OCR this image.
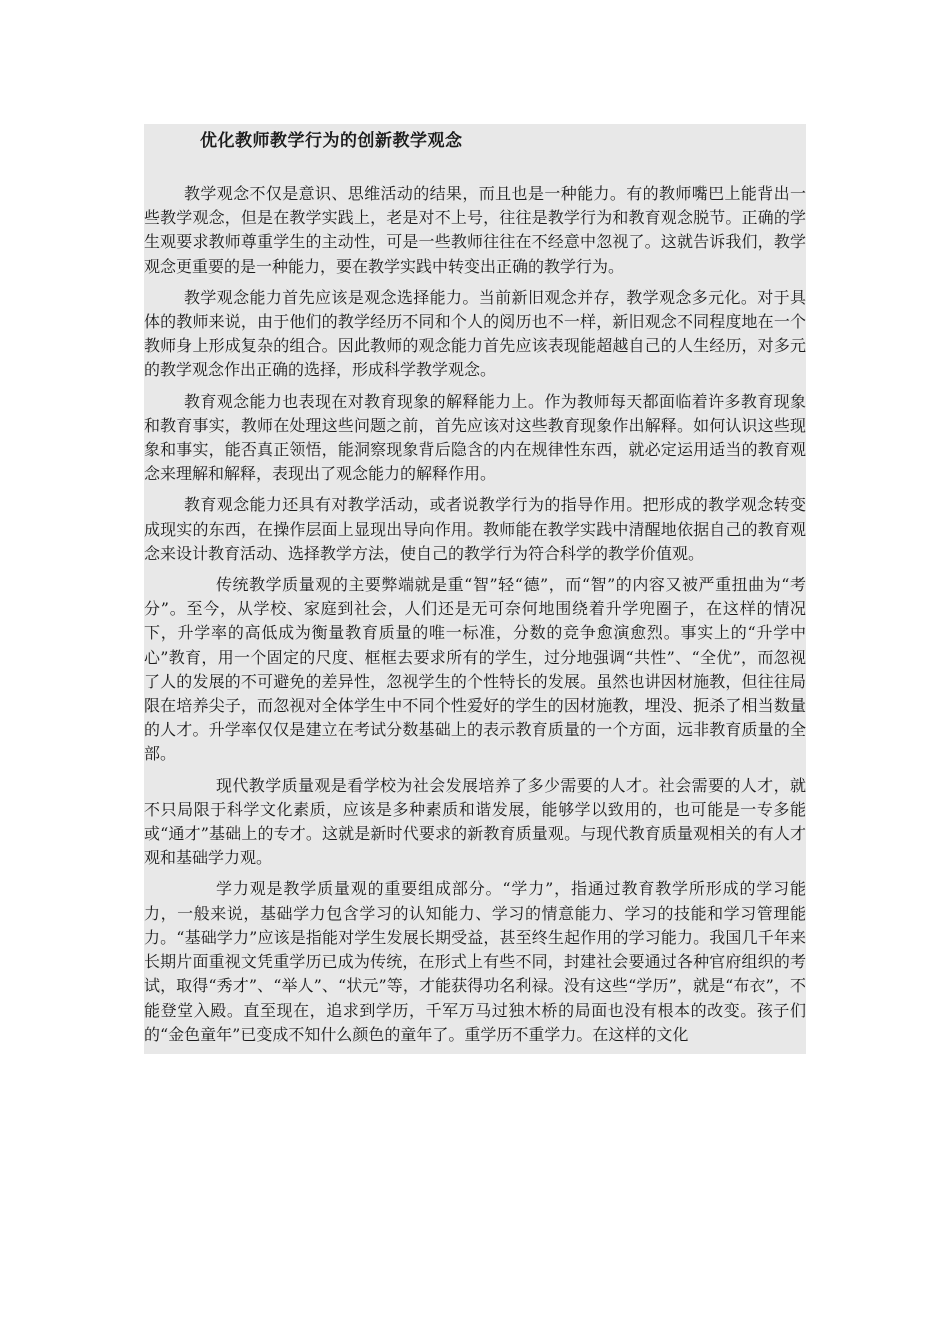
优化教师教学行为的创新教学观念

教学观念不仅是意识、思维活动的结果，而且也是一种能力。有的教师嘴巴上能背出一些教学观念，但是在教学实践上，老是对不上号，往往是教学行为和教育观念脱节。正确的学生观要求教师尊重学生的主动性，可是一些教师往往在不经意中忽视了。这就告诉我们，教学观念更重要的是一种能力，要在教学实践中转变出正确的教学行为。

教学观念能力首先应该是观念选择能力。当前新旧观念并存，教学观念多元化。对于具体的教师来说，由于他们的教学经历不同和个人的阅历也不一样，新旧观念不同程度地在一个教师身上形成复杂的组合。因此教师的观念能力首先应该表现能超越自己的人生经历，对多元的教学观念作出正确的选择，形成科学教学观念。

教育观念能力也表现在对教育现象的解释能力上。作为教师每天都面临着许多教育现象和教育事实，教师在处理这些问题之前，首先应该对这些教育现象作出解释。如何认识这些现象和事实，能否真正领悟，能洞察现象背后隐含的内在规律性东西，就必定运用适当的教育观念来理解和解释，表现出了观念能力的解释作用。

教育观念能力还具有对教学活动，或者说教学行为的指导作用。把形成的教学观念转变成现实的东西，在操作层面上显现出导向作用。教师能在教学实践中清醒地依据自己的教育观念来设计教育活动、选择教学方法，使自己的教学行为符合科学的教学价值观。

传统教学质量观的主要弊端就是重“智”轻“德”，而“智”的内容又被严重扭曲为“考分”。至今，从学校、家庭到社会，人们还是无可奈何地围绕着升学兜圈子，在这样的情况下，升学率的高低成为衡量教育质量的唯一标准，分数的竞争愈演愈烈。事实上的“升学中心”教育，用一个固定的尺度、框框去要求所有的学生，过分地强调“共性”、“全优”，而忽视了人的发展的不可避免的差异性，忽视学生的个性特长的发展。虽然也讲因材施教，但往往局限在培养尖子，而忽视对全体学生中不同个性爱好的学生的因材施教，埋没、扼杀了相当数量的人才。升学率仅仅是建立在考试分数基础上的表示教育质量的一个方面，远非教育质量的全部。

现代教学质量观是看学校为社会发展培养了多少需要的人才。社会需要的人才，就不只局限于科学文化素质，应该是多种素质和谐发展，能够学以致用的，也可能是一专多能或“通才”基础上的专才。这就是新时代要求的新教育质量观。与现代教育质量观相关的有人才观和基础学力观。

学力观是教学质量观的重要组成部分。“学力”，指通过教育教学所形成的学习能力，一般来说，基础学力包含学习的认知能力、学习的情意能力、学习的技能和学习管理能力。“基础学力”应该是指能对学生发展长期受益，甚至终生起作用的学习能力。我国几千年来长期片面重视文凭重学历已成为传统，在形式上有些不同，封建社会要通过各种官府组织的考试，取得“秀才”、“举人”、“状元”等，才能获得功名利禄。没有这些“学历”，就是“布衣”，不能登堂入殿。直至现在，追求到学历，千军万马过独木桥的局面也没有根本的改变。孩子们的“金色童年”已变成不知什么颜色的童年了。重学历不重学力。在这样的文化
